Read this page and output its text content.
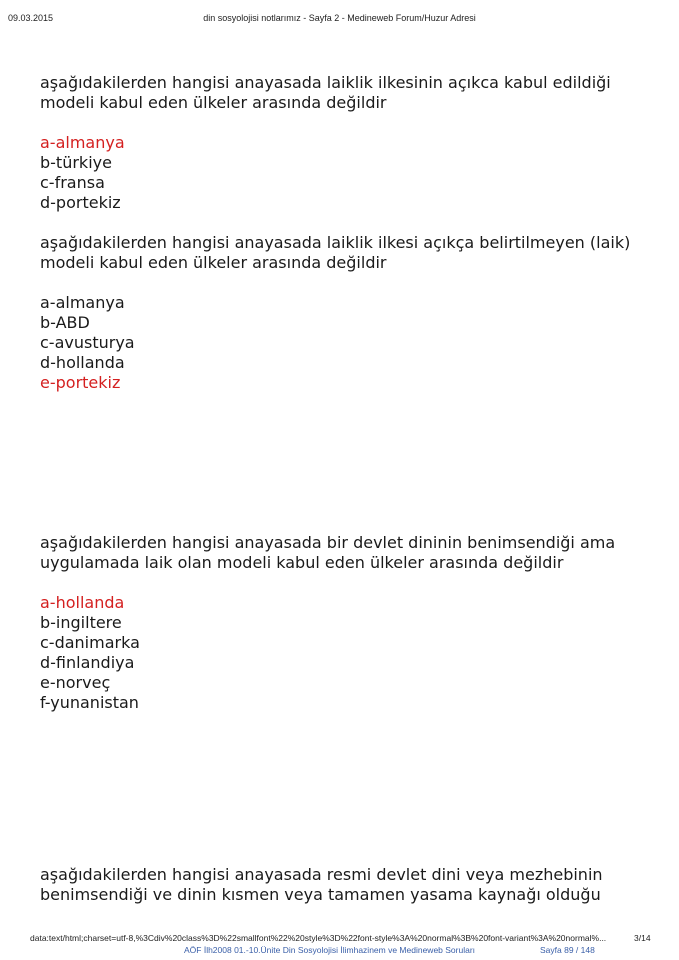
09.03.2015	din sosyolojisi notlarımız - Sayfa 2 - Medineweb Forum/Huzur Adresi

aşağıdakilerden hangisi anayasada laiklik ilkesinin açıkca kabul edildiği modeli kabul eden ülkeler arasında değildir

a-almanya
b-türkiye
c-fransa
d-portekiz

aşağıdakilerden hangisi anayasada laiklik ilkesi açıkça belirtilmeyen (laik) modeli kabul eden ülkeler arasında değildir

a-almanya
b-ABD
c-avusturya
d-hollanda
e-portekiz

aşağıdakilerden hangisi anayasada bir devlet dininin benimsendiği ama uygulamada laik olan modeli kabul eden ülkeler arasında değildir

a-hollanda
b-ingiltere
c-danimarka
d-finlandiya
e-norveç
f-yunanistan

aşağıdakilerden hangisi anayasada resmi devlet dini veya mezhebinin benimsendiği ve dinin kısmen veya tamamen yasama kaynağı olduğu

data:text/html;charset=utf-8,%3Cdiv%20class%3D%22smallfont%22%20style%3D%22font-style%3A%20normal%3B%20font-variant%3A%20normal%...	3/14
AÖF İlh2008 01.-10.Ünite Din Sosyolojisi İlimhazinem ve Medineweb Soruları	Sayfa 89 / 148
